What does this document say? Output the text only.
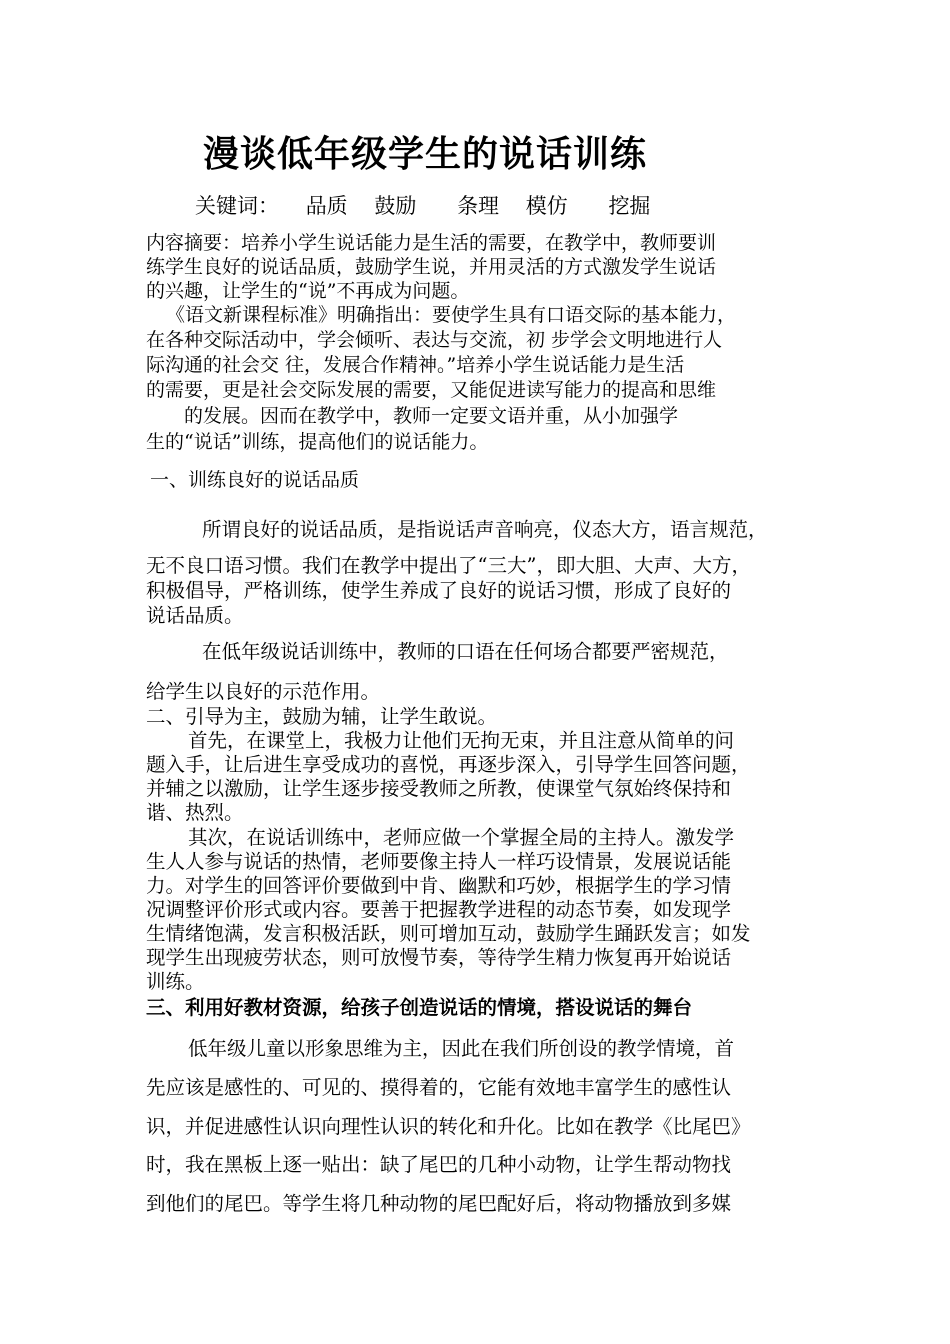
漫谈低年级学生的说话训练
关键词： 品质 鼓励 条理 模仿 挖掘

内容摘要：培养小学生说话能力是生活的需要，在教学中，教师要训

练学生良好的说话品质，鼓励学生说，并用灵活的方式激发学生说话

的兴趣，让学生的“说”不再成为问题。

《语文新课程标准》明确指出：要使学生具有口语交际的基本能力，

在各种交际活动中，学会倾听、表达与交流，初 步学会文明地进行人

际沟通的社会交 往，发展合作精神。”培养小学生说话能力是生活

的需要，更是社会交际发展的需要，又能促进读写能力的提高和思维

的发展。因而在教学中，教师一定要文语并重，从小加强学

生的“说话”训练，提高他们的说话能力。

一、训练良好的说话品质

所谓良好的说话品质，是指说话声音响亮，仪态大方，语言规范，

无不良口语习惯。我们在教学中提出了“三大”，即大胆、大声、大方，

积极倡导，严格训练，使学生养成了良好的说话习惯，形成了良好的

说话品质。

在低年级说话训练中，教师的口语在任何场合都要严密规范，

给学生以良好的示范作用。

二、引导为主，鼓励为辅，让学生敢说。

首先，在课堂上，我极力让他们无拘无束，并且注意从简单的问

题入手，让后进生享受成功的喜悦，再逐步深入，引导学生回答问题，

并辅之以激励，让学生逐步接受教师之所教，使课堂气氛始终保持和

谐、热烈。

其次，在说话训练中，老师应做一个掌握全局的主持人。激发学

生人人参与说话的热情，老师要像主持人一样巧设情景，发展说话能

力。对学生的回答评价要做到中肯、幽默和巧妙，根据学生的学习情

况调整评价形式或内容。要善于把握教学进程的动态节奏，如发现学

生情绪饱满，发言积极活跃，则可增加互动，鼓励学生踊跃发言；如发

现学生出现疲劳状态，则可放慢节奏，等待学生精力恢复再开始说话

训练。

三、利用好教材资源，给孩子创造说话的情境，搭设说话的舞台

低年级儿童以形象思维为主，因此在我们所创设的教学情境，首

先应该是感性的、可见的、摸得着的，它能有效地丰富学生的感性认

识，并促进感性认识向理性认识的转化和升化。比如在教学《比尾巴》

时，我在黑板上逐一贴出：缺了尾巴的几种小动物，让学生帮动物找

到他们的尾巴。等学生将几种动物的尾巴配好后，将动物播放到多媒
